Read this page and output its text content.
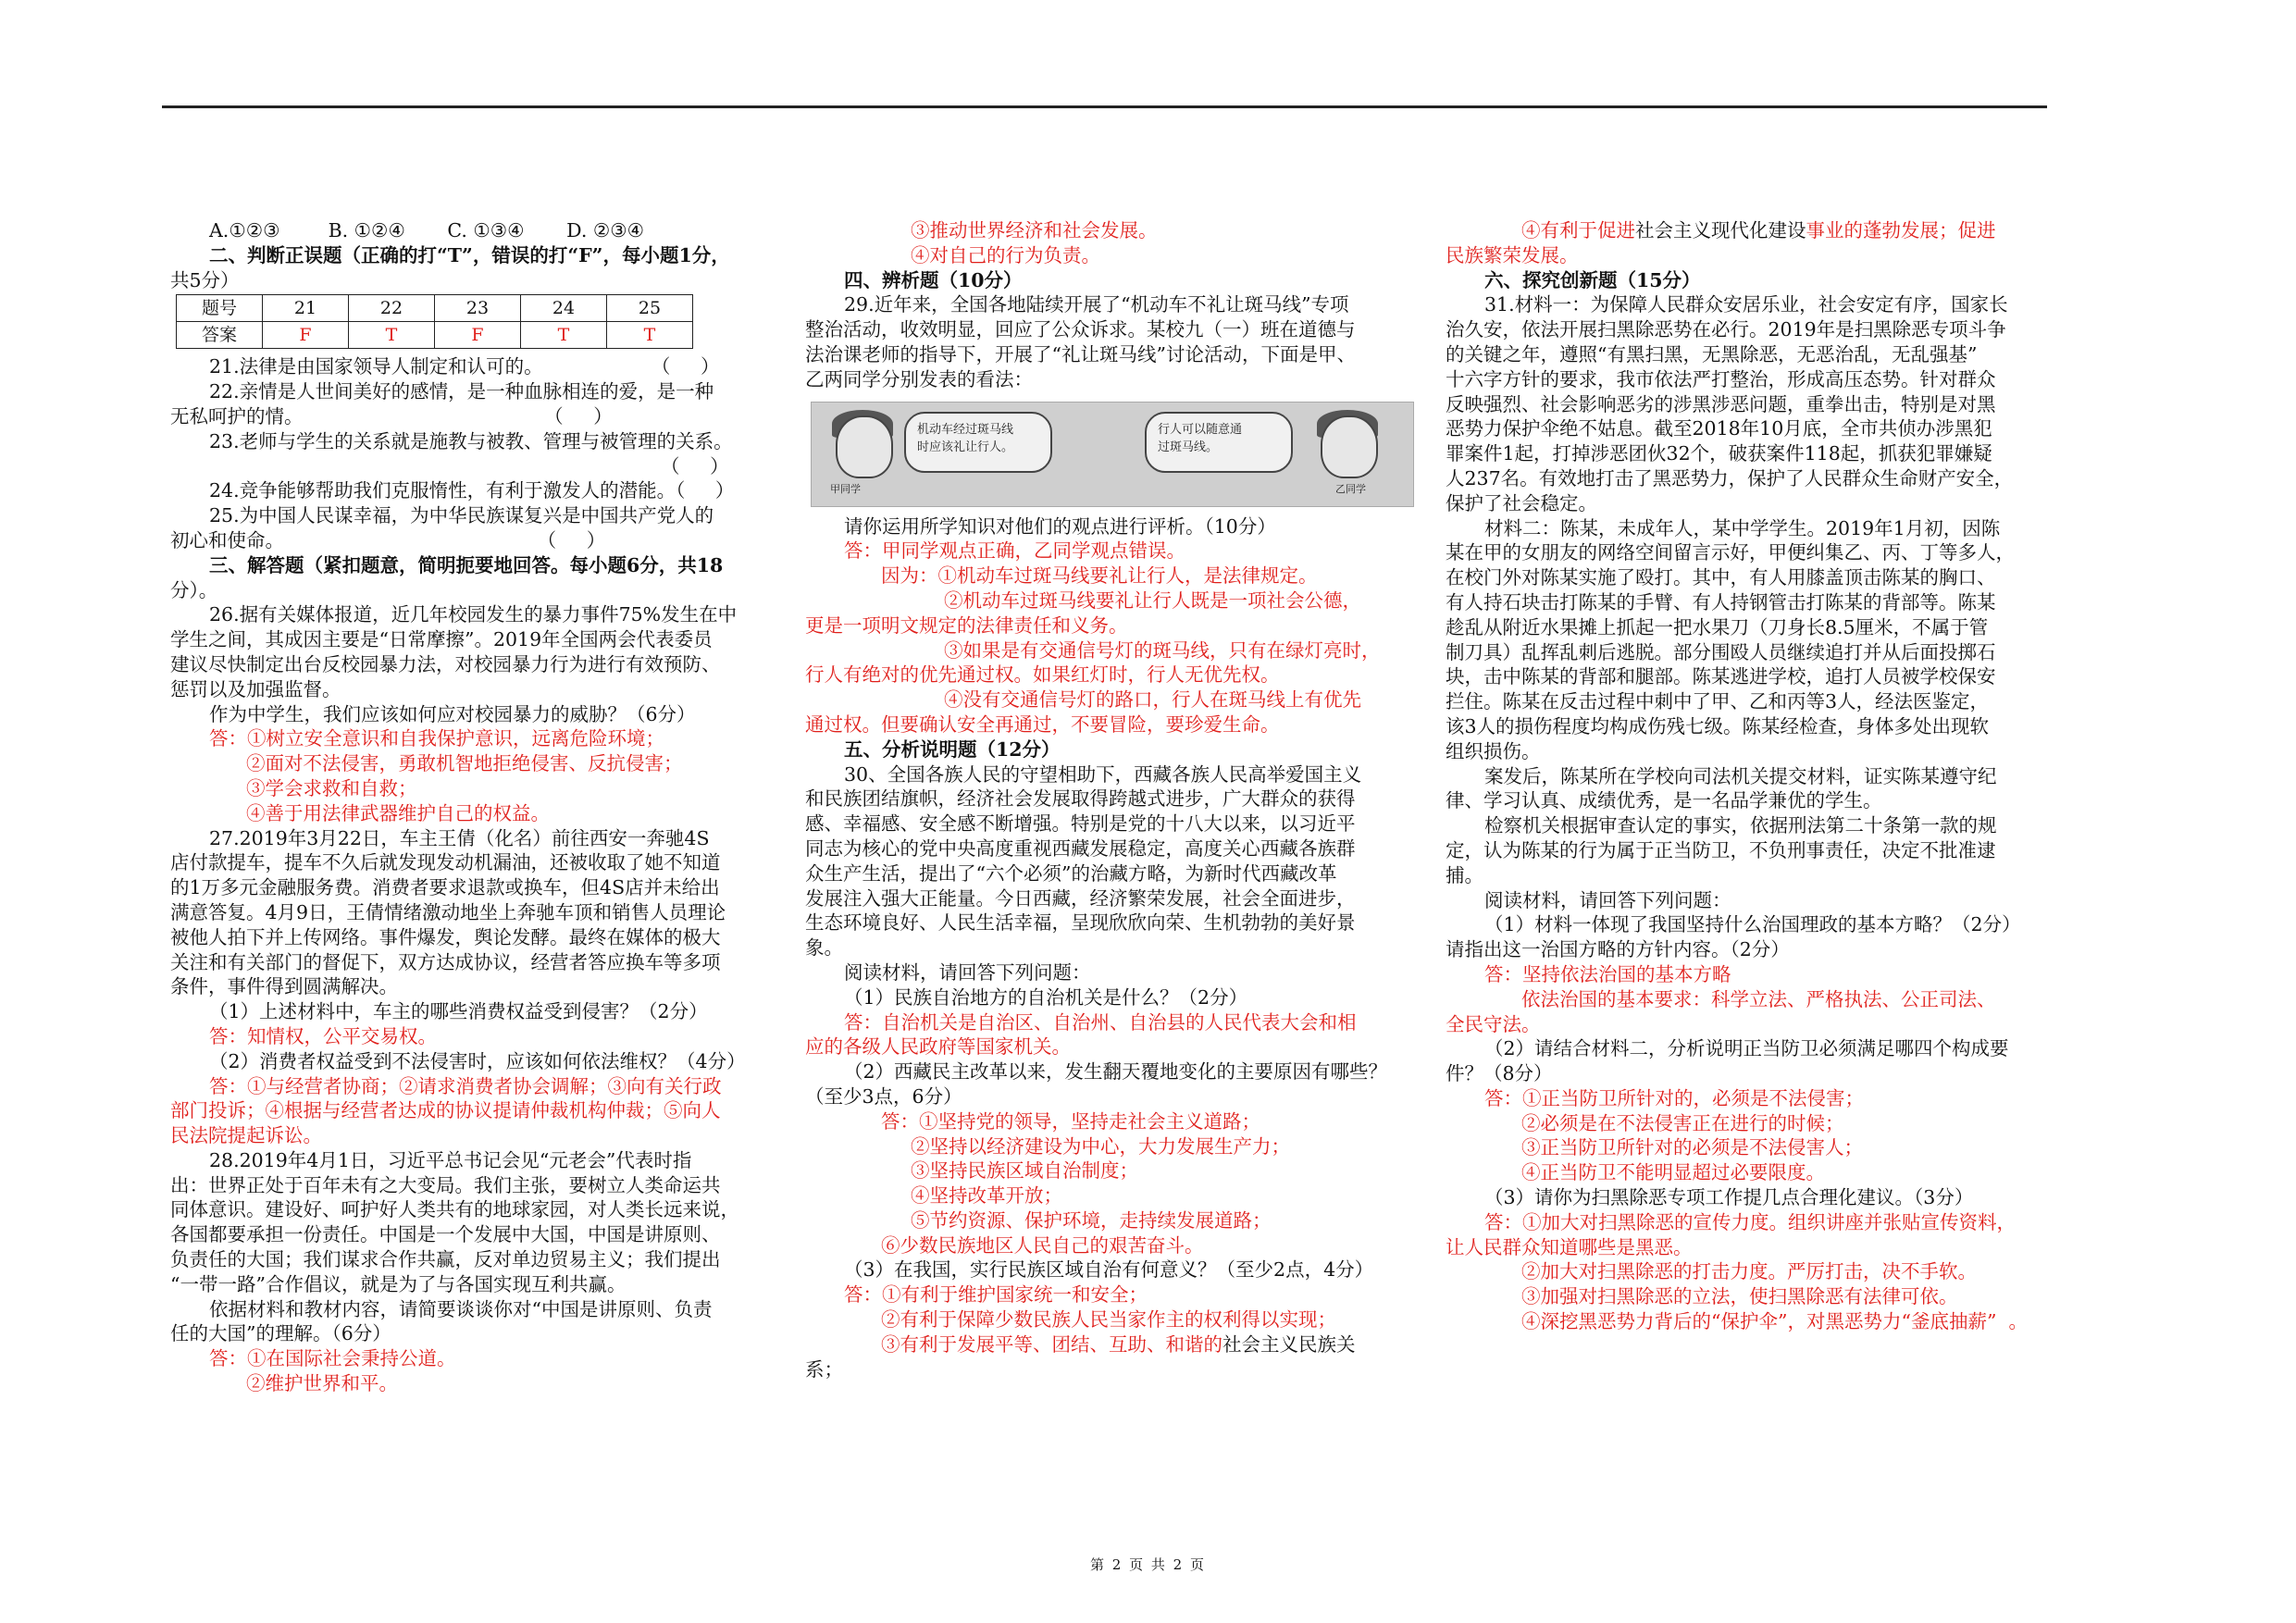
A.①②③        B. ①②④       C. ①③④       D. ②③④
二、判断正误题（正确的打“T”，错误的打“F”，每小题1分，
共5分）
题号	21	22	23	24	25
答案	F	T	F	T	T
21.法律是由国家领导人制定和认可的。                  （     ）
22.亲情是人世间美好的感情，是一种血脉相连的爱，是一种
无私呵护的情。                                        （     ）
23.老师与学生的关系就是施教与被教、管理与被管理的关系。
（     ）
24.竞争能够帮助我们克服惰性，有利于激发人的潜能。（     ）
25.为中国人民谋幸福，为中华民族谋复兴是中国共产党人的
初心和使命。                                          （     ）
三、解答题（紧扣题意，简明扼要地回答。每小题6分，共18
分）。
26.据有关媒体报道，近几年校园发生的暴力事件75%发生在中
学生之间，其成因主要是“日常摩擦”。2019年全国两会代表委员
建议尽快制定出台反校园暴力法，对校园暴力行为进行有效预防、
惩罚以及加强监督。
作为中学生，我们应该如何应对校园暴力的威胁？（6分）
答：①树立安全意识和自我保护意识，远离危险环境；
②面对不法侵害，勇敢机智地拒绝侵害、反抗侵害；
③学会求救和自救；
④善于用法律武器维护自己的权益。
27.2019年3月22日，车主王倩（化名）前往西安一奔驰4S
店付款提车，提车不久后就发现发动机漏油，还被收取了她不知道
的1万多元金融服务费。消费者要求退款或换车，但4S店并未给出
满意答复。4月9日，王倩情绪激动地坐上奔驰车顶和销售人员理论
被他人拍下并上传网络。事件爆发，舆论发酵。最终在媒体的极大
关注和有关部门的督促下，双方达成协议，经营者答应换车等多项
条件，事件得到圆满解决。
（1）上述材料中，车主的哪些消费权益受到侵害？（2分）
答：知情权，公平交易权。
（2）消费者权益受到不法侵害时，应该如何依法维权？（4分）
答：①与经营者协商；②请求消费者协会调解；③向有关行政
部门投诉；④根据与经营者达成的协议提请仲裁机构仲裁；⑤向人
民法院提起诉讼。
28.2019年4月1日，习近平总书记会见“元老会”代表时指
出：世界正处于百年未有之大变局。我们主张，要树立人类命运共
同体意识。建设好、呵护好人类共有的地球家园，对人类长远来说，
各国都要承担一份责任。中国是一个发展中大国，中国是讲原则、
负责任的大国；我们谋求合作共赢，反对单边贸易主义；我们提出
“一带一路”合作倡议，就是为了与各国实现互利共赢。
依据材料和教材内容，请简要谈谈你对“中国是讲原则、负责
任的大国”的理解。（6分）
答：①在国际社会秉持公道。
②维护世界和平。
③推动世界经济和社会发展。
④对自己的行为负责。
四、辨析题（10分）
29.近年来，全国各地陆续开展了“机动车不礼让斑马线”专项
整治活动，收效明显，回应了公众诉求。某校九（一）班在道德与
法治课老师的指导下，开展了“礼让斑马线”讨论活动，下面是甲、
乙两同学分别发表的看法：
机动车经过斑马线
时应该礼让行人。
行人可以随意通
过斑马线。
甲同学	乙同学
请你运用所学知识对他们的观点进行评析。（10分）
答：甲同学观点正确，乙同学观点错误。
因为：①机动车过斑马线要礼让行人，是法律规定。
②机动车过斑马线要礼让行人既是一项社会公德，
更是一项明文规定的法律责任和义务。
③如果是有交通信号灯的斑马线，只有在绿灯亮时，
行人有绝对的优先通过权。如果红灯时，行人无优先权。
④没有交通信号灯的路口，行人在斑马线上有优先
通过权。但要确认安全再通过，不要冒险，要珍爱生命。
五、分析说明题（12分）
30、全国各族人民的守望相助下，西藏各族人民高举爱国主义
和民族团结旗帜，经济社会发展取得跨越式进步，广大群众的获得
感、幸福感、安全感不断增强。特别是党的十八大以来，以习近平
同志为核心的党中央高度重视西藏发展稳定，高度关心西藏各族群
众生产生活，提出了“六个必须”的治藏方略，为新时代西藏改革
发展注入强大正能量。今日西藏，经济繁荣发展，社会全面进步，
生态环境良好、人民生活幸福，呈现欣欣向荣、生机勃勃的美好景
象。
阅读材料，请回答下列问题：
（1）民族自治地方的自治机关是什么？（2分）
答：自治机关是自治区、自治州、自治县的人民代表大会和相
应的各级人民政府等国家机关。
（2）西藏民主改革以来，发生翻天覆地变化的主要原因有哪些？
（至少3点，6分）
答：①坚持党的领导，坚持走社会主义道路；
②坚持以经济建设为中心，大力发展生产力；
③坚持民族区域自治制度；
④坚持改革开放；
⑤节约资源、保护环境，走持续发展道路；
⑥少数民族地区人民自己的艰苦奋斗。
（3）在我国，实行民族区域自治有何意义？（至少2点，4分）
答：①有利于维护国家统一和安全；
②有利于保障少数民族人民当家作主的权利得以实现；
③有利于发展平等、团结、互助、和谐的社会主义民族关
系；
④有利于促进社会主义现代化建设事业的蓬勃发展；促进
民族繁荣发展。
六、探究创新题（15分）
31.材料一：为保障人民群众安居乐业，社会安定有序，国家长
治久安，依法开展扫黑除恶势在必行。2019年是扫黑除恶专项斗争
的关键之年，遵照“有黑扫黑，无黑除恶，无恶治乱，无乱强基”
十六字方针的要求，我市依法严打整治，形成高压态势。针对群众
反映强烈、社会影响恶劣的涉黑涉恶问题，重拳出击，特别是对黑
恶势力保护伞绝不姑息。截至2018年10月底，全市共侦办涉黑犯
罪案件1起，打掉涉恶团伙32个，破获案件118起，抓获犯罪嫌疑
人237名。有效地打击了黑恶势力，保护了人民群众生命财产安全，
保护了社会稳定。
材料二：陈某，未成年人，某中学学生。2019年1月初，因陈
某在甲的女朋友的网络空间留言示好，甲便纠集乙、丙、丁等多人，
在校门外对陈某实施了殴打。其中，有人用膝盖顶击陈某的胸口、
有人持石块击打陈某的手臂、有人持钢管击打陈某的背部等。陈某
趁乱从附近水果摊上抓起一把水果刀（刀身长8.5厘米，不属于管
制刀具）乱挥乱刺后逃脱。部分围殴人员继续追打并从后面投掷石
块，击中陈某的背部和腿部。陈某逃进学校，追打人员被学校保安
拦住。陈某在反击过程中刺中了甲、乙和丙等3人，经法医鉴定，
该3人的损伤程度均构成伤残七级。陈某经检查，身体多处出现软
组织损伤。
案发后，陈某所在学校向司法机关提交材料，证实陈某遵守纪
律、学习认真、成绩优秀，是一名品学兼优的学生。
检察机关根据审查认定的事实，依据刑法第二十条第一款的规
定，认为陈某的行为属于正当防卫，不负刑事责任，决定不批准逮
捕。
阅读材料，请回答下列问题：
（1）材料一体现了我国坚持什么治国理政的基本方略？（2分）
请指出这一治国方略的方针内容。（2分）
答：坚持依法治国的基本方略
依法治国的基本要求：科学立法、严格执法、公正司法、
全民守法。
（2）请结合材料二，分析说明正当防卫必须满足哪四个构成要
件？（8分）
答：①正当防卫所针对的，必须是不法侵害；
②必须是在不法侵害正在进行的时候；
③正当防卫所针对的必须是不法侵害人；
④正当防卫不能明显超过必要限度。
（3）请你为扫黑除恶专项工作提几点合理化建议。（3分）
答：①加大对扫黑除恶的宣传力度。组织讲座并张贴宣传资料，
让人民群众知道哪些是黑恶。
②加大对扫黑除恶的打击力度。严厉打击，决不手软。
③加强对扫黑除恶的立法，使扫黑除恶有法律可依。
④深挖黑恶势力背后的“保护伞”，对黑恶势力“釜底抽薪”  。
第 2 页 共 2 页
